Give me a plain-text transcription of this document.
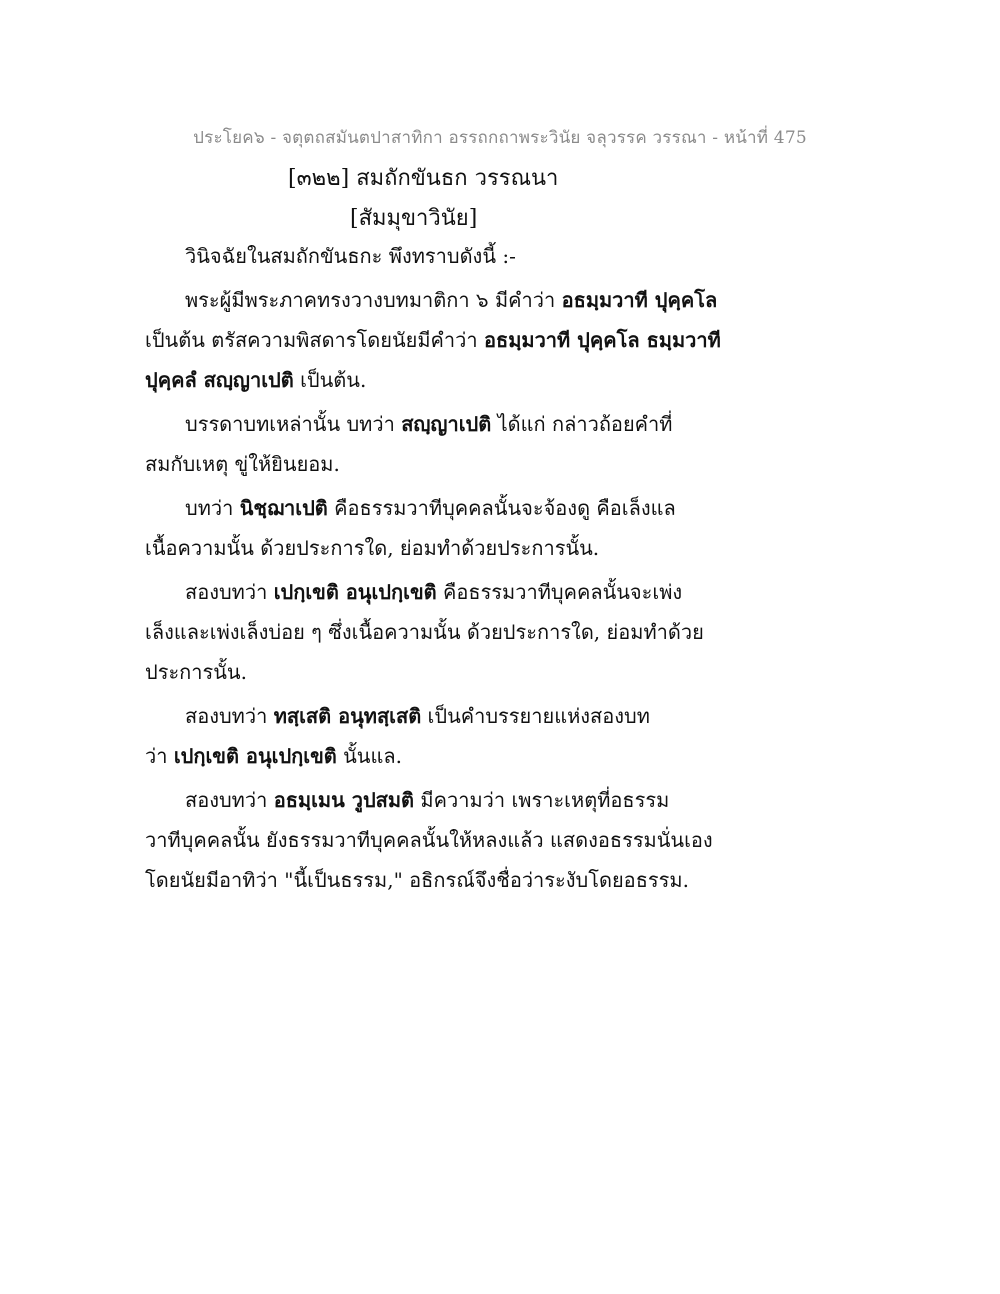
ประโยค๖ - จตุตถสมันตปาสาทิกา อรรถกถาพระวินัย จลุวรรค วรรณา - หน้าที่ 475
[๓๒๒] สมถักขันธก วรรณนา
[สัมมุขาวินัย]
วินิจฉัยในสมถักขันธกะ พึงทราบดังนี้ :-
พระผู้มีพระภาคทรงวางบทมาติกา ๖ มีคำว่า อธมฺมวาที ปุคฺคโล
เป็นต้น ตรัสความพิสดารโดยนัยมีคำว่า อธมฺมวาที ปุคฺคโล ธมฺมวาที
ปุคฺคลํ สญฺญาเปติ เป็นต้น.
บรรดาบทเหล่านั้น บทว่า สญฺญาเปติ ได้แก่ กล่าวถ้อยคำที่
สมกับเหตุ ขู่ให้ยินยอม.
บทว่า นิชฺฌาเปติ คือธรรมวาทีบุคคลนั้นจะจ้องดู คือเล็งแล
เนื้อความนั้น ด้วยประการใด, ย่อมทำด้วยประการนั้น.
สองบทว่า เปกฺเขติ อนุเปกฺเขติ คือธรรมวาทีบุคคลนั้นจะเพ่ง
เล็งและเพ่งเล็งบ่อย ๆ ซึ่งเนื้อความนั้น ด้วยประการใด, ย่อมทำด้วย
ประการนั้น.
สองบทว่า ทสฺเสติ อนุทสฺเสติ เป็นคำบรรยายแห่งสองบท
ว่า เปกฺเขติ อนุเปกฺเขติ นั้นแล.
สองบทว่า อธมฺเมน วูปสมติ มีความว่า เพราะเหตุที่อธรรม
วาทีบุคคลนั้น ยังธรรมวาทีบุคคลนั้นให้หลงแล้ว แสดงอธรรมนั่นเอง
โดยนัยมีอาทิว่า "นี้เป็นธรรม," อธิกรณ์จึงชื่อว่าระงับโดยอธรรม.
